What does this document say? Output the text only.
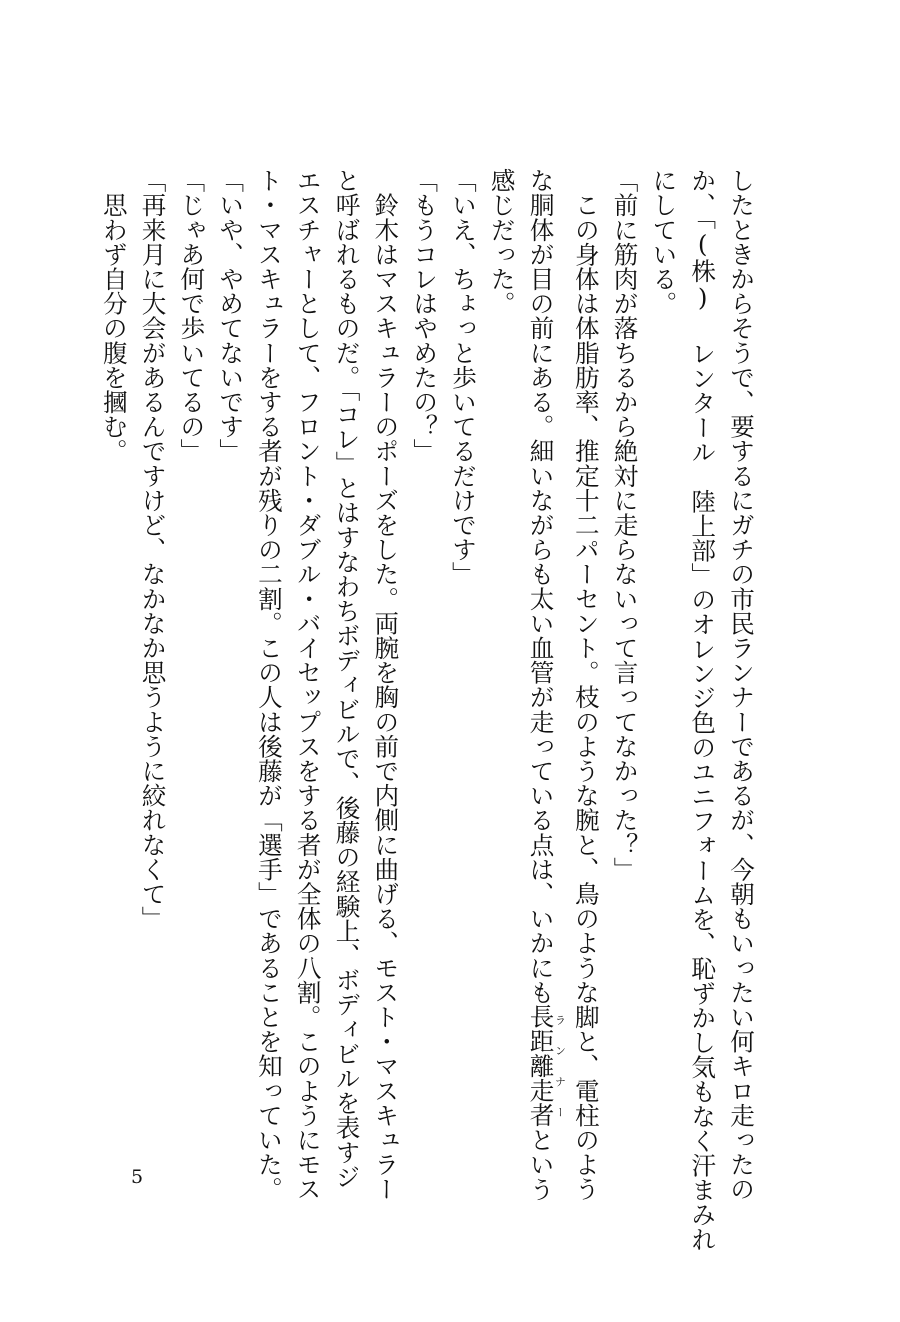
したときからそうで、要するにガチの市民ランナーであるが、今朝もいったい何キロ走ったの
か、「(株) レンタール　陸上部」のオレンジ色のユニフォームを、恥ずかし気もなく汗まみれ
にしている。
「前に筋肉が落ちるから絶対に走らないって言ってなかった？」
　この身体は体脂肪率、推定十二パーセント。枝のような腕と、鳥のような脚と、電柱のよう
な胴体が目の前にある。細いながらも太い血管が走っている点は、いかにも長距離走者ランナーという
感じだった。
「いえ、ちょっと歩いてるだけです」
「もうコレはやめたの？」
　鈴木はマスキュラーのポーズをした。両腕を胸の前で内側に曲げる、モスト・マスキュラー
と呼ばれるものだ。「コレ」とはすなわちボディビルで、後藤の経験上、ボディビルを表すジ
エスチャーとして、フロント・ダブル・バイセップスをする者が全体の八割。このようにモス
ト・マスキュラーをする者が残りの二割。この人は後藤が「選手」であることを知っていた。
「いや、やめてないです」
「じゃあ何で歩いてるの」
「再来月に大会があるんですけど、なかなか思うように絞れなくて」
　思わず自分の腹を摑む。
5
